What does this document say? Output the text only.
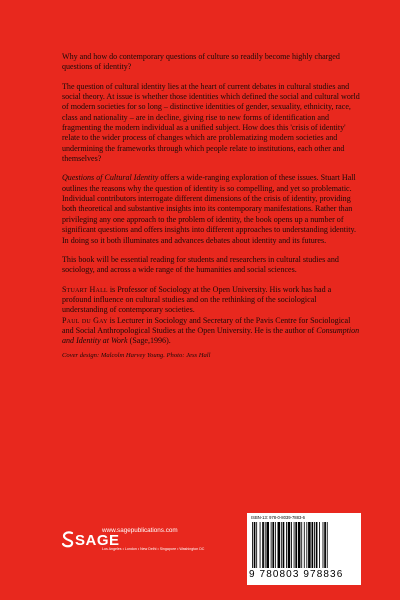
Why and how do contemporary questions of culture so readily become highly charged questions of identity?

The question of cultural identity lies at the heart of current debates in cultural studies and social theory. At issue is whether those identities which defined the social and cultural world of modern societies for so long – distinctive identities of gender, sexuality, ethnicity, race, class and nationality – are in decline, giving rise to new forms of identification and fragmenting the modern individual as a unified subject. How does this 'crisis of identity' relate to the wider process of changes which are problematizing modern societies and undermining the frameworks through which people relate to institutions, each other and themselves?

Questions of Cultural Identity offers a wide-ranging exploration of these issues. Stuart Hall outlines the reasons why the question of identity is so compelling, and yet so problematic. Individual contributors interrogate different dimensions of the crisis of identity, providing both theoretical and substantive insights into its contemporary manifestations. Rather than privileging any one approach to the problem of identity, the book opens up a number of significant questions and offers insights into different approaches to understanding identity. In doing so it both illuminates and advances debates about identity and its futures.

This book will be essential reading for students and researchers in cultural studies and sociology, and across a wide range of the humanities and social sciences.

Stuart Hall is Professor of Sociology at the Open University. His work has had a profound influence on cultural studies and on the rethinking of the sociological understanding of contemporary societies.
Paul du Gay is Lecturer in Sociology and Secretary of the Pavis Centre for Sociological and Social Anthropological Studies at the Open University. He is the author of Consumption and Identity at Work (Sage,1996).

Cover design: Malcolm Harvey Young. Photo: Jess Hall

SAGE
www.sagepublications.com
Los Angeles • London • New Delhi • Singapore • Washington DC
ISBN-13: 978-0-8039-7883-6
9 780803 978836
